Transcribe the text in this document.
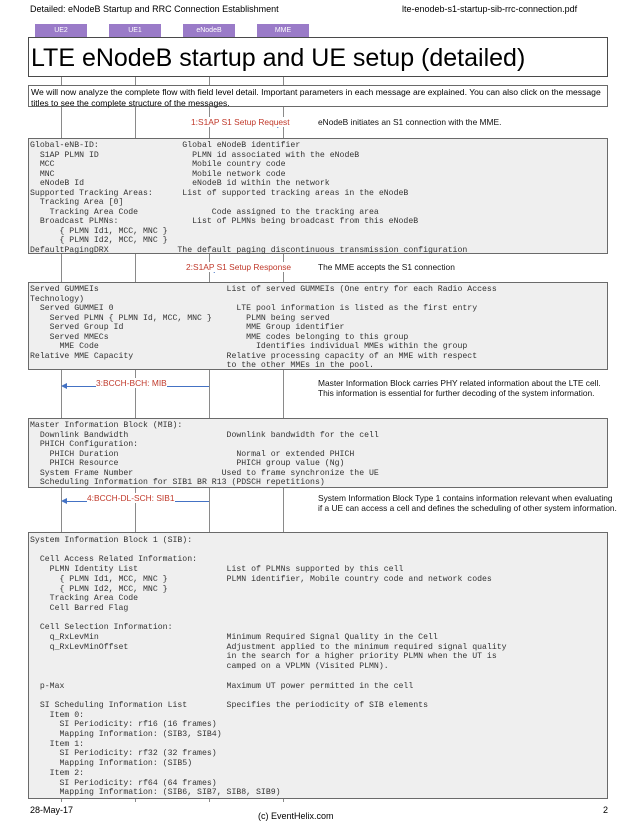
Detailed: eNodeB Startup and RRC Connection Establishment	lte-enodeb-s1-startup-sib-rrc-connection.pdf
UE2	UE1	eNodeB	MME
LTE eNodeB startup and UE setup (detailed)
We will now analyze the complete flow with field level detail. Important parameters in each message are explained. You can also click on the message titles to see the complete structure of the messages.
1:S1AP S1 Setup Request	eNodeB initiates an S1 connection with the MME.
Global-eNB-ID:                 Global eNodeB identifier
S1AP PLMN ID                   PLMN id associated with the eNodeB
MCC                            Mobile country code
MNC                            Mobile network code
eNodeB Id                      eNodeB id within the network
Supported Tracking Areas:      List of supported tracking areas in the eNodeB
Tracking Area [0]
Tracking Area Code               Code assigned to the tracking area
Broadcast PLMNs:               List of PLMNs being broadcast from this eNodeB
{ PLMN Id1, MCC, MNC }
{ PLMN Id2, MCC, MNC }
DefaultPagingDRX              The default paging discontinuous transmission configuration
2:S1AP S1 Setup Response	The MME accepts the S1 connection
Served GUMMEIs                          List of served GUMMEIs (One entry for each Radio Access
Technology)
Served GUMMEI 0                         LTE pool information is listed as the first entry
Served PLMN { PLMN Id, MCC, MNC }       PLMN being served
Served Group Id                         MME Group identifier
Served MMECs                            MME codes belonging to this group
MME Code                                Identifies individual MMEs within the group
Relative MME Capacity                   Relative processing capacity of an MME with respect
to the other MMEs in the pool.
3:BCCH-BCH: MIB	Master Information Block carries PHY related information about the LTE cell. This information is essential for further decoding of the system information.
Master Information Block (MIB):
Downlink Bandwidth                    Downlink bandwidth for the cell
PHICH Configuration:
PHICH Duration                        Normal or extended PHICH
PHICH Resource                        PHICH group value (Ng)
System Frame Number                  Used to frame synchronize the UE
Scheduling Information for SIB1 BR R13 (PDSCH repetitions)
4:BCCH-DL-SCH: SIB1	System Information Block Type 1 contains information relevant when evaluating if a UE can access a cell and defines the scheduling of other system information.
System Information Block 1 (SIB):
Cell Access Related Information:
PLMN Identity List                  List of PLMNs supported by this cell
{ PLMN Id1, MCC, MNC }            PLMN identifier, Mobile country code and network codes
{ PLMN Id2, MCC, MNC }
Tracking Area Code
Cell Barred Flag
Cell Selection Information:
q_RxLevMin                          Minimum Required Signal Quality in the Cell
q_RxLevMinOffset                    Adjustment applied to the minimum required signal quality
in the search for a higher priority PLMN when the UT is
camped on a VPLMN (Visited PLMN).
p-Max                                 Maximum UT power permitted in the cell
SI Scheduling Information List        Specifies the periodicity of SIB elements
Item 0:
SI Periodicity: rf16 (16 frames)
Mapping Information: (SIB3, SIB4)
Item 1:
SI Periodicity: rf32 (32 frames)
Mapping Information: (SIB5)
Item 2:
SI Periodicity: rf64 (64 frames)
Mapping Information: (SIB6, SIB7, SIB8, SIB9)
28-May-17
(c) EventHelix.com
2
